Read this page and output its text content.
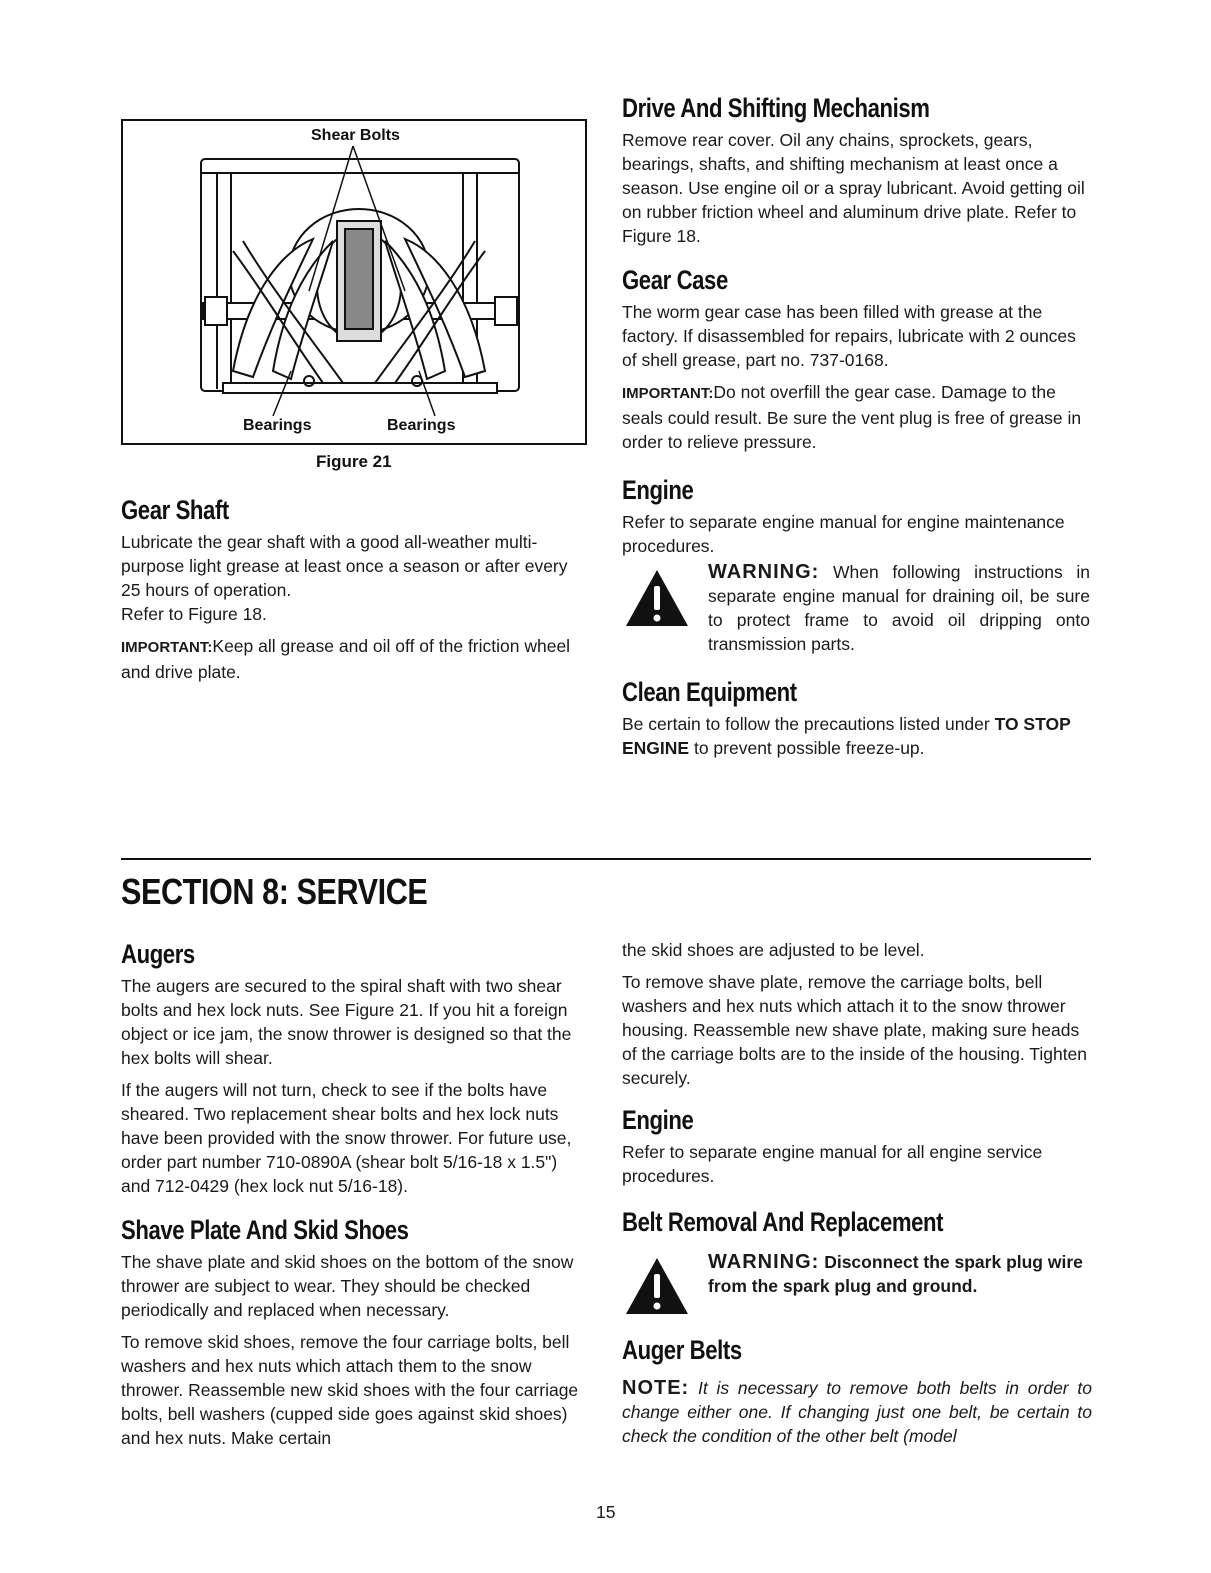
Shear Bolts
Bearings	Bearings
Figure 21
Gear Shaft

Lubricate the gear shaft with a good all-weather multi-purpose light grease at least once a season or after every 25 hours of operation.

Refer to Figure 18.

IMPORTANT:Keep all grease and oil off of the friction wheel and drive plate.

Drive And Shifting Mechanism

Remove rear cover. Oil any chains, sprockets, gears, bearings, shafts, and shifting mechanism at least once a season. Use engine oil or a spray lubricant. Avoid getting oil on rubber friction wheel and aluminum drive plate. Refer to Figure 18.

Gear Case

The worm gear case has been filled with grease at the factory. If disassembled for repairs, lubricate with 2 ounces of shell grease, part no. 737-0168.

IMPORTANT:Do not overfill the gear case. Damage to the seals could result. Be sure the vent plug is free of grease in order to relieve pressure.

Engine

Refer to separate engine manual for engine maintenance procedures.

WARNING: When following instructions in separate engine manual for draining oil, be sure to protect frame to avoid oil dripping onto transmission parts.
Clean Equipment

Be certain to follow the precautions listed under TO STOP ENGINE to prevent possible freeze-up.

SECTION 8: SERVICE
Augers

The augers are secured to the spiral shaft with two shear bolts and hex lock nuts. See Figure 21. If you hit a foreign object or ice jam, the snow thrower is designed so that the hex bolts will shear.

If the augers will not turn, check to see if the bolts have sheared. Two replacement shear bolts and hex lock nuts have been provided with the snow thrower. For future use, order part number 710-0890A (shear bolt 5/16-18 x 1.5") and 712-0429 (hex lock nut 5/16-18).

Shave Plate And Skid Shoes

The shave plate and skid shoes on the bottom of the snow thrower are subject to wear. They should be checked periodically and replaced when necessary.

To remove skid shoes, remove the four carriage bolts, bell washers and hex nuts which attach them to the snow thrower. Reassemble new skid shoes with the four carriage bolts, bell washers (cupped side goes against skid shoes) and hex nuts. Make certain

the skid shoes are adjusted to be level.

To remove shave plate, remove the carriage bolts, bell washers and hex nuts which attach it to the snow thrower housing. Reassemble new shave plate, making sure heads of the carriage bolts are to the inside of the housing. Tighten securely.

Engine

Refer to separate engine manual for all engine service procedures.

Belt Removal And Replacement
WARNING: Disconnect the spark plug wire from the spark plug and ground.
Auger Belts

NOTE: It is necessary to remove both belts in order to change either one. If changing just one belt, be certain to check the condition of the other belt (model

15
